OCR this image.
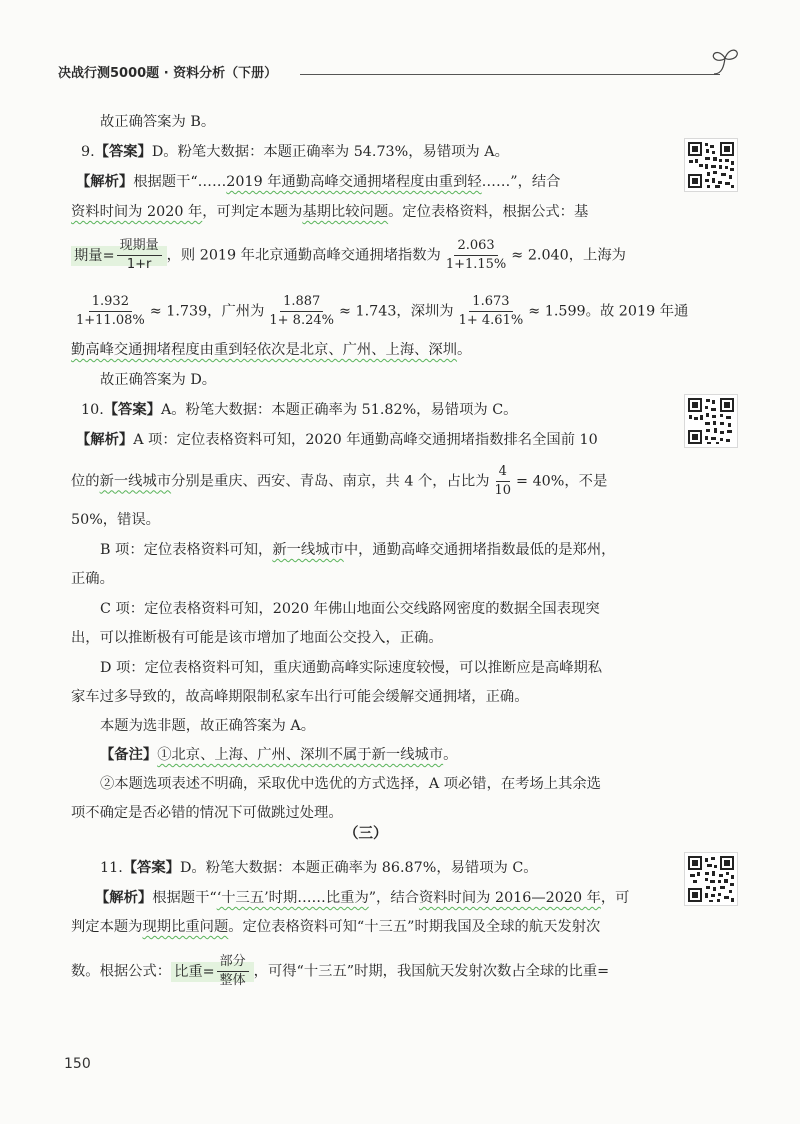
决战行测5000题 · 资料分析（下册）
故正确答案为 B。
9.【答案】D。粉笔大数据：本题正确率为 54.73%，易错项为 A。
【解析】根据题干“……2019 年通勤高峰交通拥堵程度由重到轻……”，结合
资料时间为 2020 年，可判定本题为基期比较问题。定位表格资料，根据公式：基
期量= $\frac{\text{现期量}}{1+r}$ ，则 2019 年北京通勤高峰交通拥堵指数为 $\frac{2.063}{1+1.15\%} \approx 2.040$，上海为
$\frac{1.932}{1+11.08\%} \approx 1.739$，广州为 $\frac{1.887}{1+ 8.24\%} \approx 1.743$，深圳为 $\frac{1.673}{1+ 4.61\%} \approx 1.599$。故 2019 年通
勤高峰交通拥堵程度由重到轻依次是北京、广州、上海、深圳。
故正确答案为 D。
10.【答案】A。粉笔大数据：本题正确率为 51.82%，易错项为 C。
【解析】A 项：定位表格资料可知，2020 年通勤高峰交通拥堵指数排名全国前 10
位的新一线城市分别是重庆、西安、青岛、南京，共 4 个，占比为 $\frac{4}{10} = 40\%$，不是
50%，错误。
B 项：定位表格资料可知，新一线城市中，通勤高峰交通拥堵指数最低的是郑州，
正确。
C 项：定位表格资料可知，2020 年佛山地面公交线路网密度的数据全国表现突
出，可以推断极有可能是该市增加了地面公交投入，正确。
D 项：定位表格资料可知，重庆通勤高峰实际速度较慢，可以推断应是高峰期私
家车过多导致的，故高峰期限制私家车出行可能会缓解交通拥堵，正确。
本题为选非题，故正确答案为 A。
【备注】①北京、上海、广州、深圳不属于新一线城市。
②本题选项表述不明确，采取优中选优的方式选择，A 项必错，在考场上其余选
项不确定是否必错的情况下可做跳过处理。
（三）
11.【答案】D。粉笔大数据：本题正确率为 86.87%，易错项为 C。
【解析】根据题干“‘十三五’时期……比重为”，结合资料时间为 2016—2020 年，可
判定本题为现期比重问题。定位表格资料可知“十三五”时期我国及全球的航天发射次
数。根据公式： 比重= $\frac{\text{部分}}{\text{整体}}$ ，可得“十三五”时期，我国航天发射次数占全球的比重=
150
